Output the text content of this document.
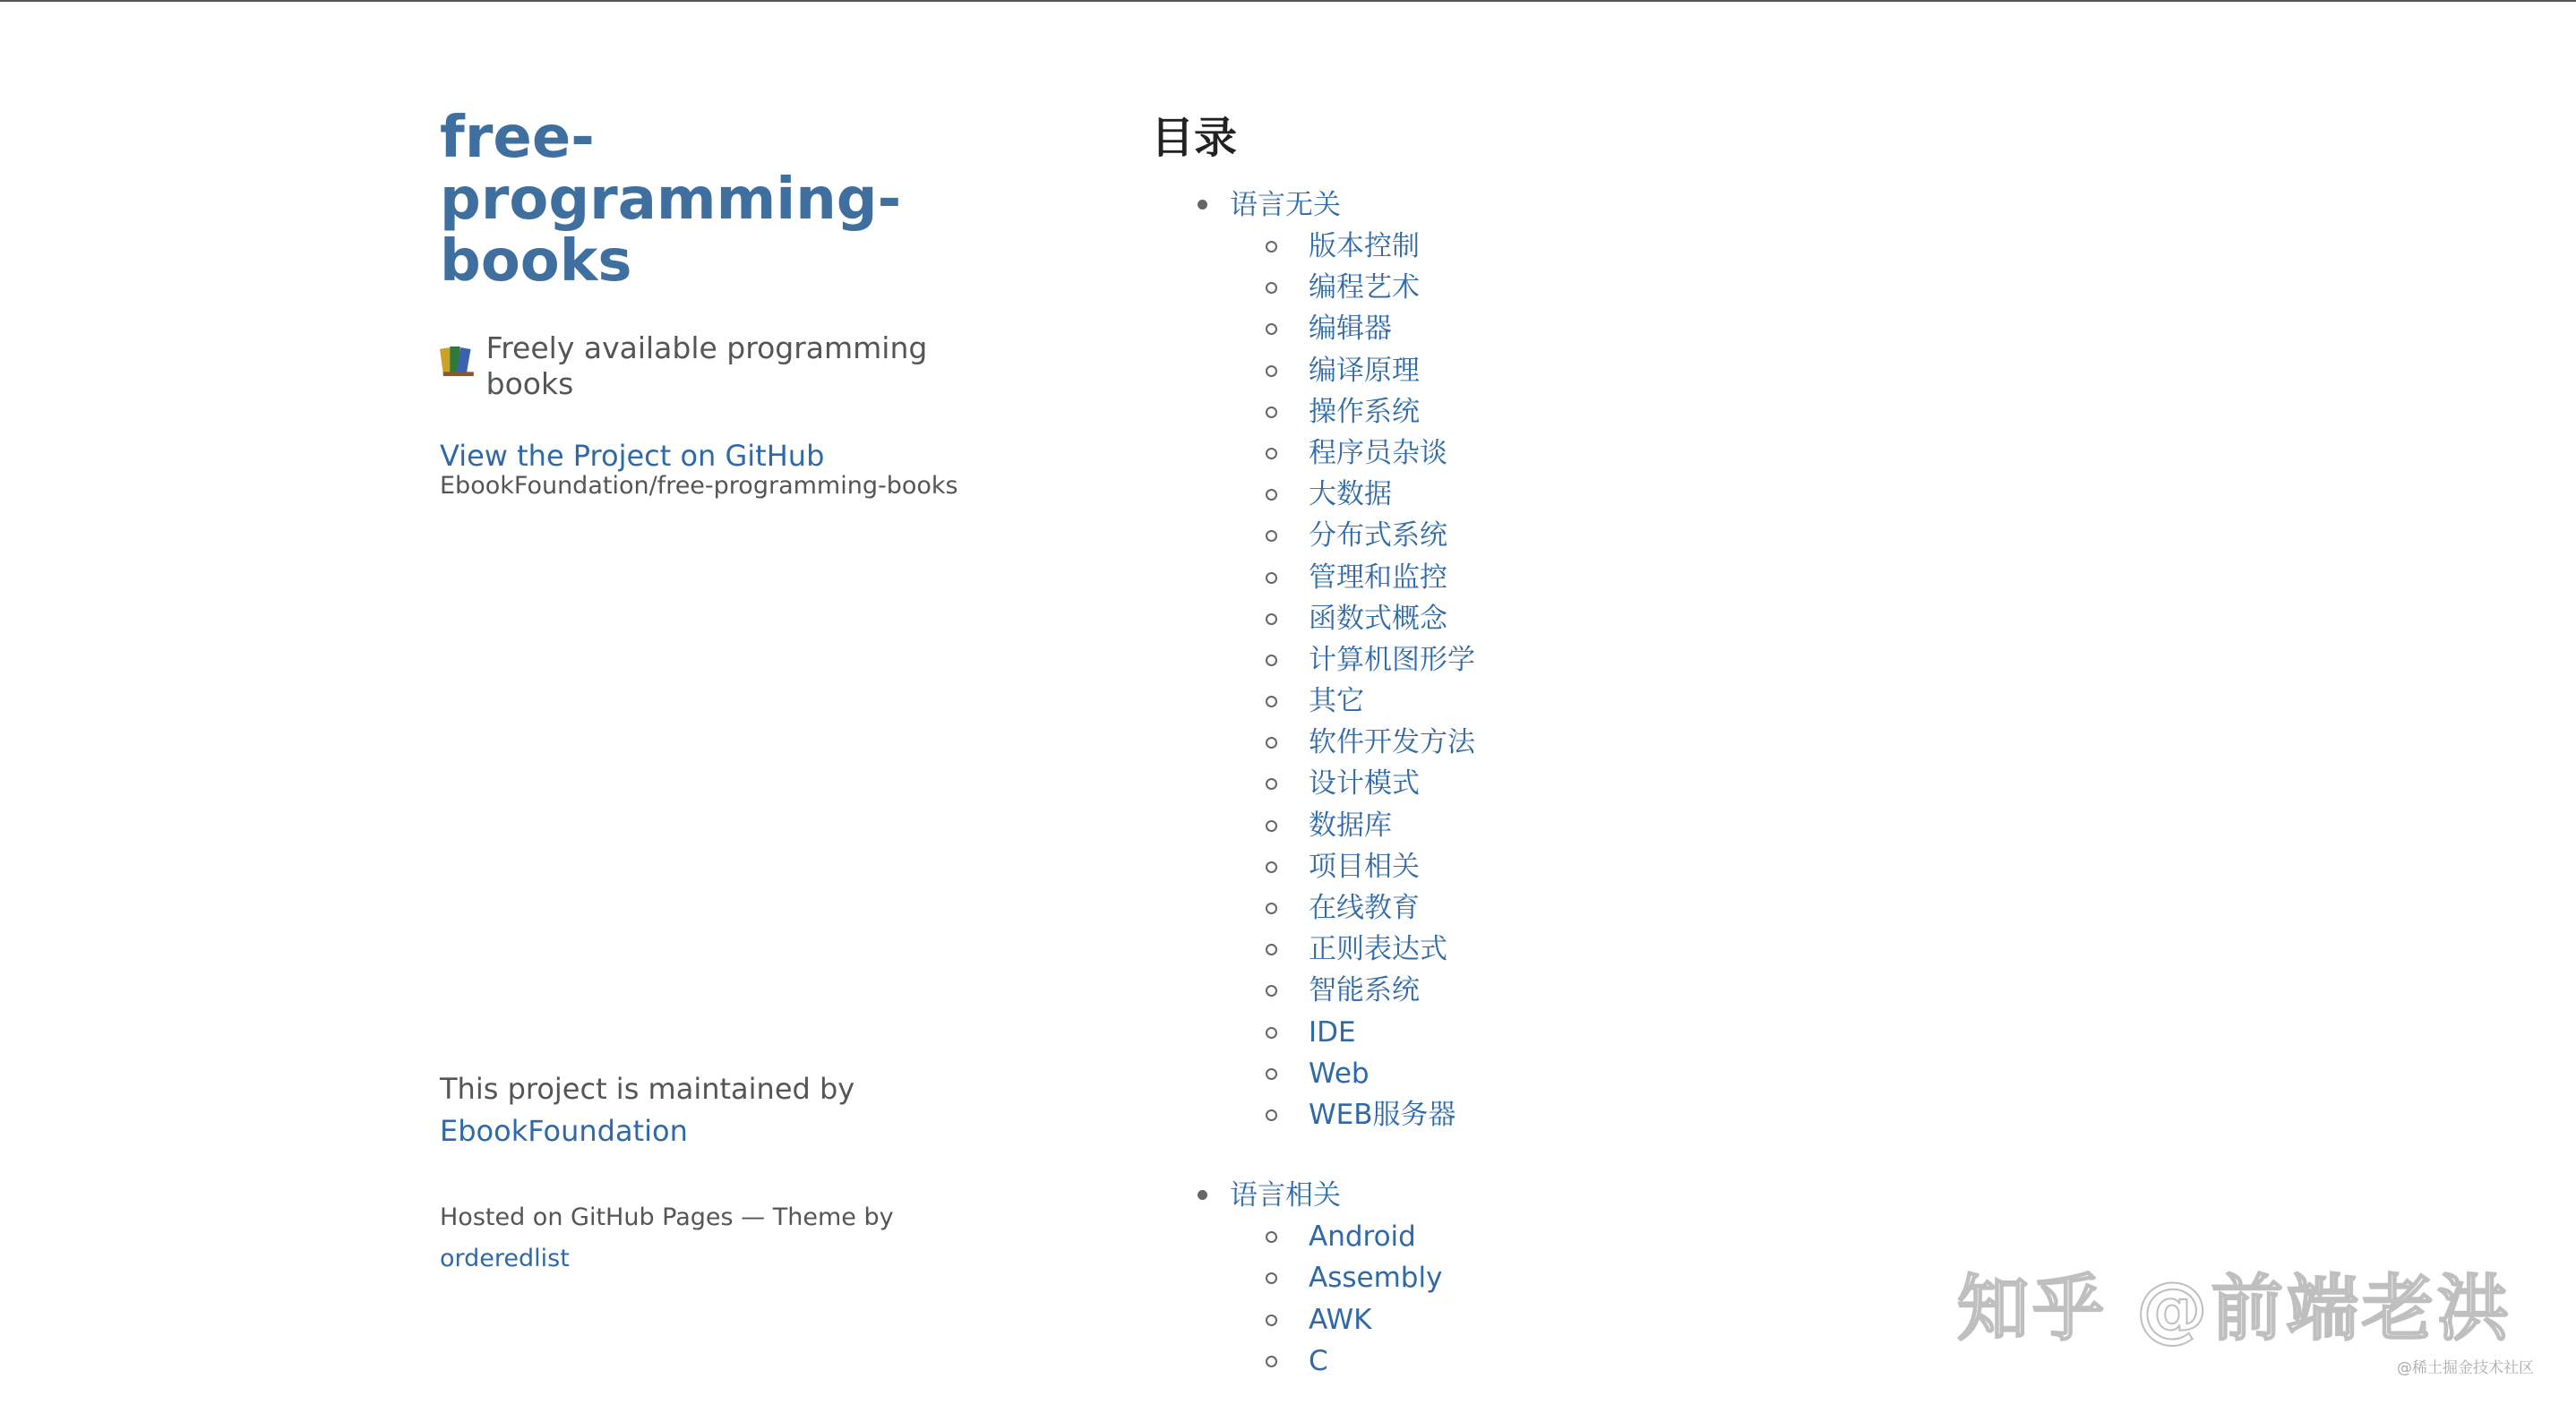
free-
programming-
books
Freely available programming books
View the Project on GitHub
EbookFoundation/free-programming-books
This project is maintained by
EbookFoundation
Hosted on GitHub Pages — Theme by
orderedlist
目录
语言无关
版本控制
编程艺术
编辑器
编译原理
操作系统
程序员杂谈
大数据
分布式系统
管理和监控
函数式概念
计算机图形学
其它
软件开发方法
设计模式
数据库
项目相关
在线教育
正则表达式
智能系统
IDE
Web
WEB服务器
语言相关
Android
Assembly
AWK
C
知乎 @前端老洪
@稀土掘金技术社区
